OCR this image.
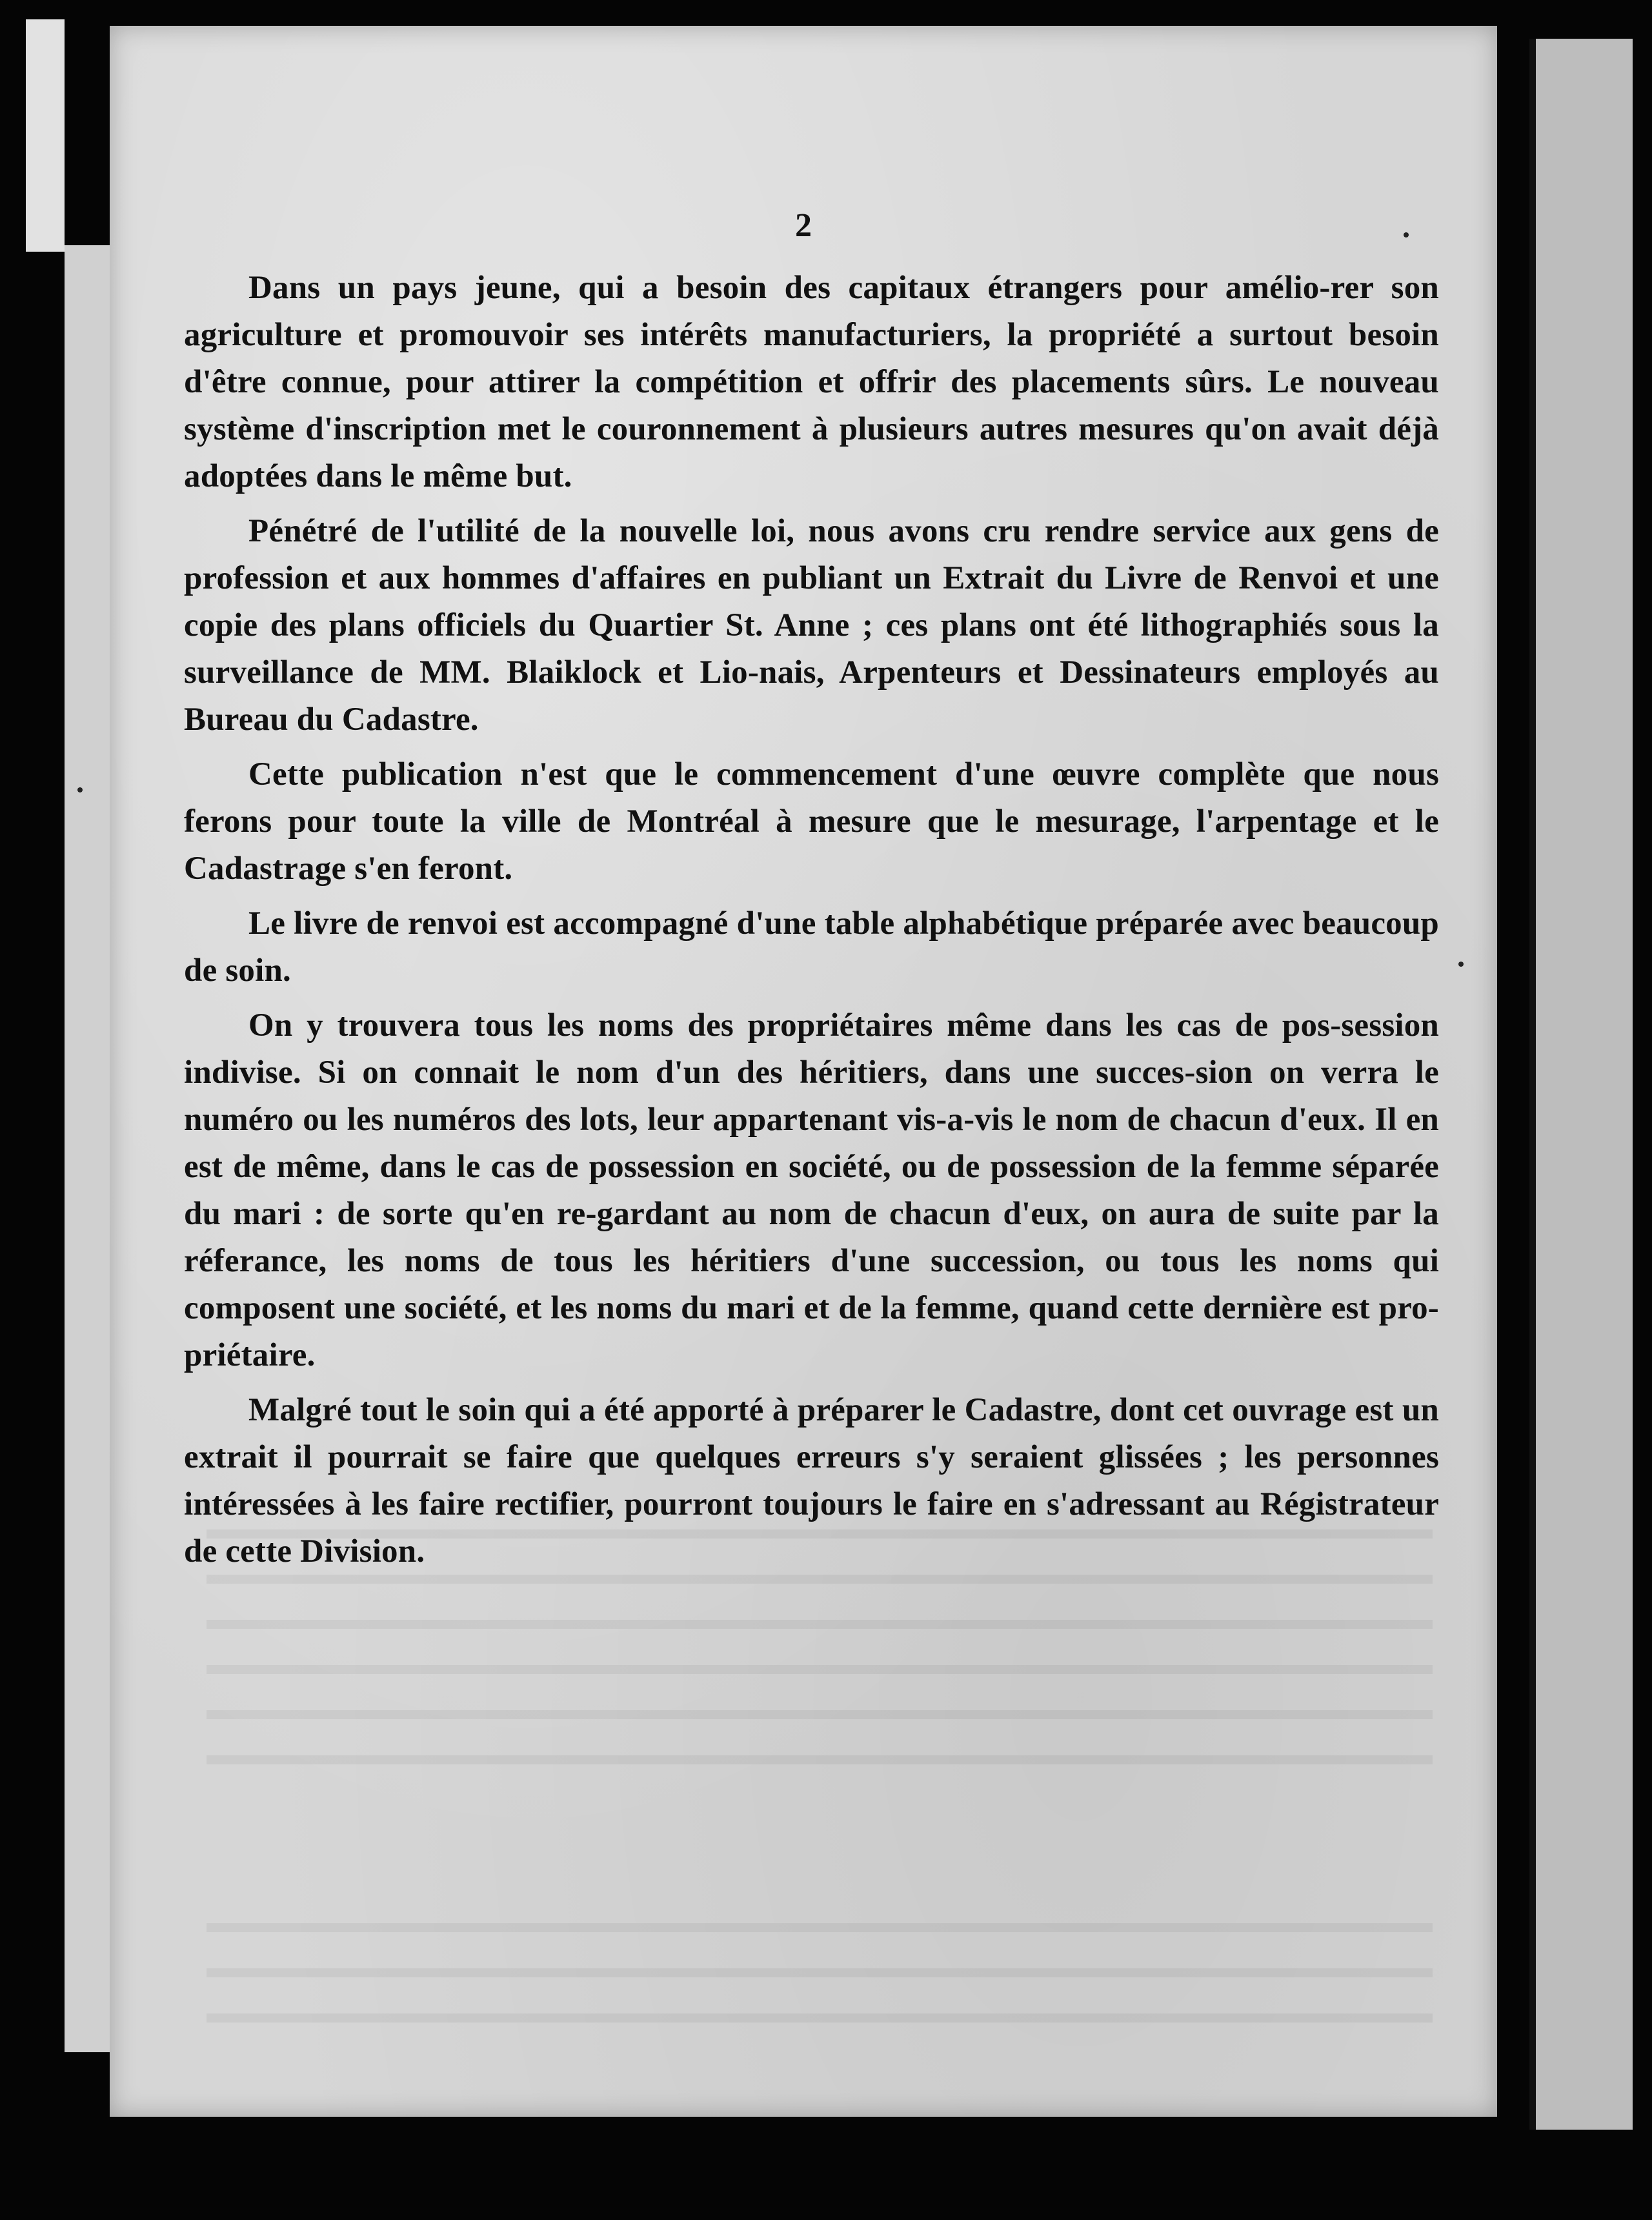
2

Dans un pays jeune, qui a besoin des capitaux étrangers pour amélio-rer son agriculture et promouvoir ses intérêts manufacturiers, la propriété a surtout besoin d'être connue, pour attirer la compétition et offrir des placements sûrs. Le nouveau système d'inscription met le couronnement à plusieurs autres mesures qu'on avait déjà adoptées dans le même but.

Pénétré de l'utilité de la nouvelle loi, nous avons cru rendre service aux gens de profession et aux hommes d'affaires en publiant un Extrait du Livre de Renvoi et une copie des plans officiels du Quartier St. Anne ; ces plans ont été lithographiés sous la surveillance de MM. Blaiklock et Lio-nais, Arpenteurs et Dessinateurs employés au Bureau du Cadastre.

Cette publication n'est que le commencement d'une œuvre complète que nous ferons pour toute la ville de Montréal à mesure que le mesurage, l'arpentage et le Cadastrage s'en feront.

Le livre de renvoi est accompagné d'une table alphabétique préparée avec beaucoup de soin.

On y trouvera tous les noms des propriétaires même dans les cas de pos-session indivise. Si on connait le nom d'un des héritiers, dans une succes-sion on verra le numéro ou les numéros des lots, leur appartenant vis-a-vis le nom de chacun d'eux. Il en est de même, dans le cas de possession en société, ou de possession de la femme séparée du mari : de sorte qu'en re-gardant au nom de chacun d'eux, on aura de suite par la réferance, les noms de tous les héritiers d'une succession, ou tous les noms qui composent une société, et les noms du mari et de la femme, quand cette dernière est pro-priétaire.

Malgré tout le soin qui a été apporté à préparer le Cadastre, dont cet ouvrage est un extrait il pourrait se faire que quelques erreurs s'y seraient glissées ; les personnes intéressées à les faire rectifier, pourront toujours le faire en s'adressant au Régistrateur de cette Division.
